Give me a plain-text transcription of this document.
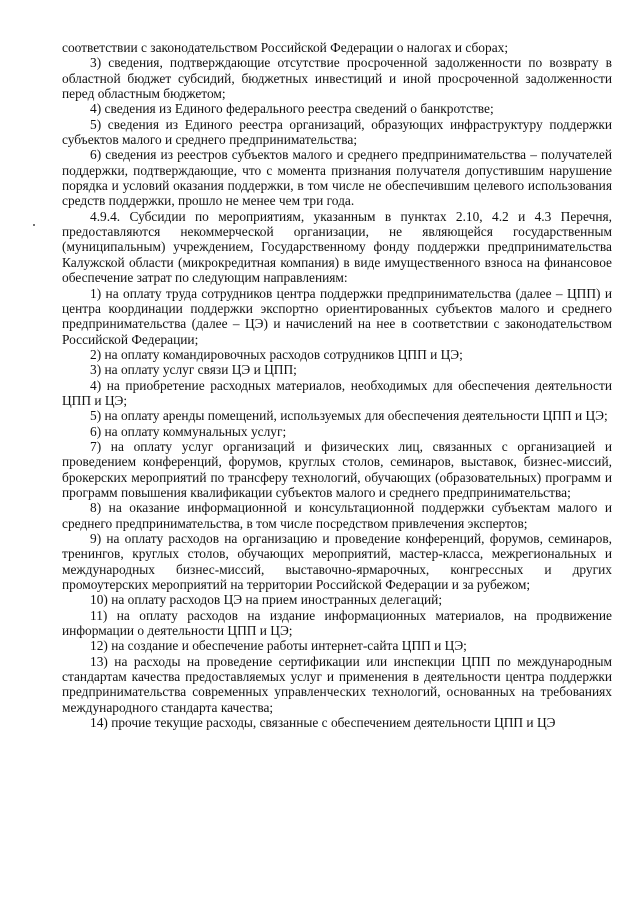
соответствии с законодательством Российской Федерации о налогах и сборах;

3) сведения, подтверждающие отсутствие просроченной задолженности по возврату в областной бюджет субсидий, бюджетных инвестиций и иной просроченной задолженности перед областным бюджетом;

4) сведения из Единого федерального реестра сведений о банкротстве;

5) сведения из Единого реестра организаций, образующих инфраструктуру поддержки субъектов малого и среднего предпринимательства;

6) сведения из реестров субъектов малого и среднего предпринимательства – получателей поддержки, подтверждающие, что с момента признания получателя допустившим нарушение порядка и условий оказания поддержки, в том числе не обеспечившим целевого использования средств поддержки, прошло не менее чем три года.

4.9.4. Субсидии по мероприятиям, указанным в пунктах 2.10, 4.2 и 4.3 Перечня, предоставляются некоммерческой организации, не являющейся государственным (муниципальным) учреждением, Государственному фонду поддержки предпринимательства Калужской области (микрокредитная компания) в виде имущественного взноса на финансовое обеспечение затрат по следующим направлениям:

1) на оплату труда сотрудников центра поддержки предпринимательства (далее – ЦПП) и центра координации поддержки экспортно ориентированных субъектов малого и среднего предпринимательства (далее – ЦЭ) и начислений на нее в соответствии с законодательством Российской Федерации;

2) на оплату командировочных расходов сотрудников ЦПП и ЦЭ;

3) на оплату услуг связи ЦЭ и ЦПП;

4) на приобретение расходных материалов, необходимых для обеспечения деятельности ЦПП и ЦЭ;

5) на оплату аренды помещений, используемых для обеспечения деятельности ЦПП и ЦЭ;

6) на оплату коммунальных услуг;

7) на оплату услуг организаций и физических лиц, связанных с организацией и проведением конференций, форумов, круглых столов, семинаров, выставок, бизнес-миссий, брокерских мероприятий по трансферу технологий, обучающих (образовательных) программ и программ повышения квалификации субъектов малого и среднего предпринимательства;

8) на оказание информационной и консультационной поддержки субъектам малого и среднего предпринимательства, в том числе посредством привлечения экспертов;

9) на оплату расходов на организацию и проведение конференций, форумов, семинаров, тренингов, круглых столов, обучающих мероприятий, мастер-класса, межрегиональных и международных бизнес-миссий, выставочно-ярмарочных, конгрессных и других промоутерских мероприятий на территории Российской Федерации и за рубежом;

10) на оплату расходов ЦЭ на прием иностранных делегаций;

11) на оплату расходов на издание информационных материалов, на продвижение информации о деятельности ЦПП и ЦЭ;

12) на создание и обеспечение работы интернет-сайта ЦПП и ЦЭ;

13) на расходы на проведение сертификации или инспекции ЦПП по международным стандартам качества предоставляемых услуг и применения в деятельности центра поддержки предпринимательства современных управленческих технологий, основанных на требованиях международного стандарта качества;

14) прочие текущие расходы, связанные с обеспечением деятельности ЦПП и ЦЭ
